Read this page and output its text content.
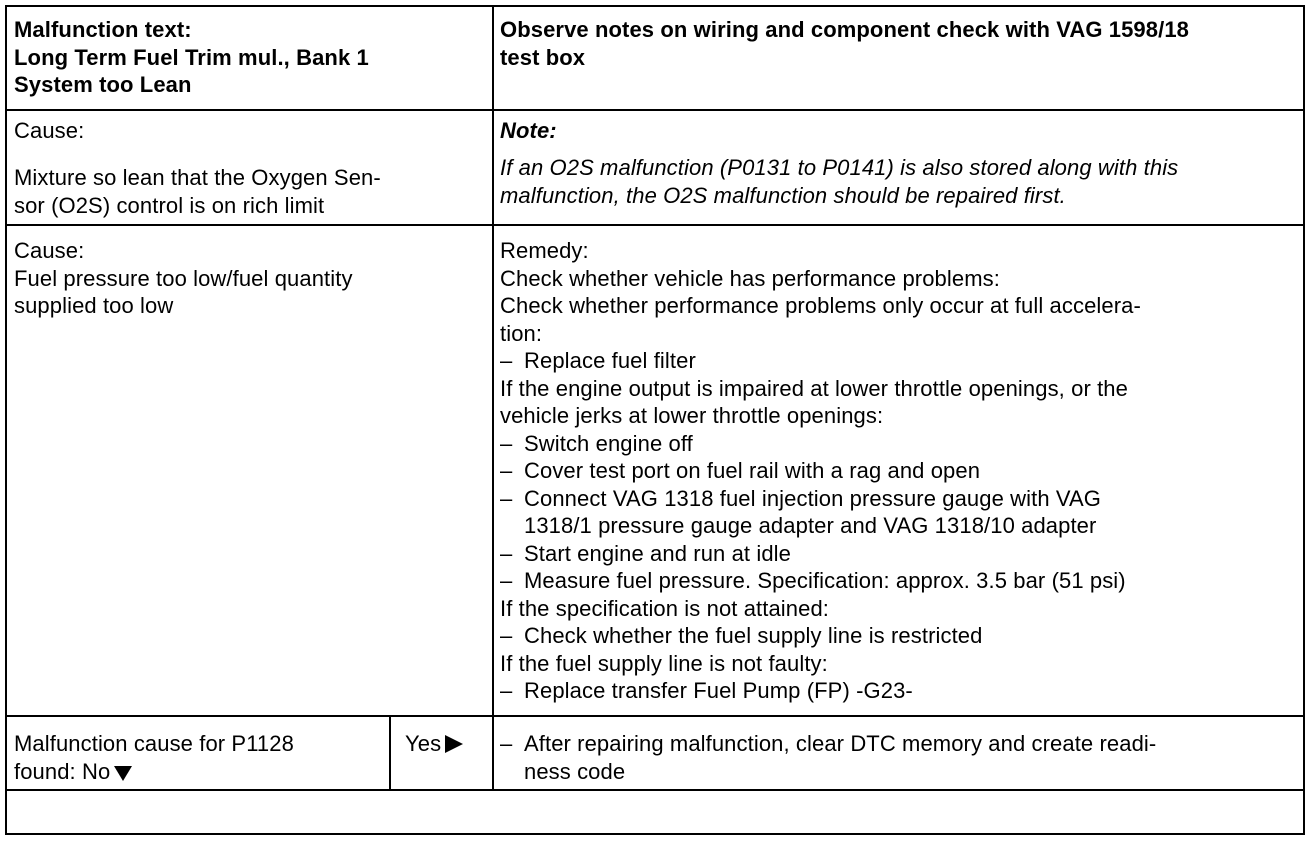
Malfunction text:
Long Term Fuel Trim mul., Bank 1
System too Lean
Observe notes on wiring and component check with VAG 1598/18
test box
Cause:
Mixture so lean that the Oxygen Sen-
sor (O2S) control is on rich limit
Note:
If an O2S malfunction (P0131 to P0141) is also stored along with this
malfunction, the O2S malfunction should be repaired first.
Cause:
Fuel pressure too low/fuel quantity
supplied too low
Remedy:
Check whether vehicle has performance problems:
Check whether performance problems only occur at full accelera-
tion:
– Replace fuel filter
If the engine output is impaired at lower throttle openings, or the
vehicle jerks at lower throttle openings:
– Switch engine off
– Cover test port on fuel rail with a rag and open
– Connect VAG 1318 fuel injection pressure gauge with VAG
1318/1 pressure gauge adapter and VAG 1318/10 adapter
– Start engine and run at idle
– Measure fuel pressure. Specification: approx. 3.5 bar (51 psi)
If the specification is not attained:
– Check whether the fuel supply line is restricted
If the fuel supply line is not faulty:
– Replace transfer Fuel Pump (FP) -G23-
Malfunction cause for P1128
found: No
Yes	– After repairing malfunction, clear DTC memory and create readi-
ness code
